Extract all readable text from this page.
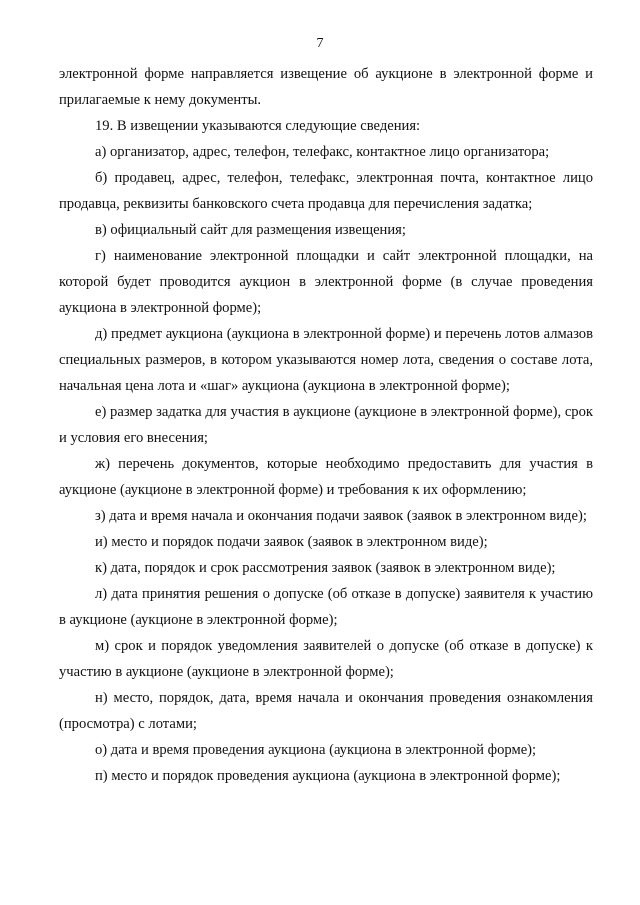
7

электронной форме направляется извещение об аукционе в электронной форме и прилагаемые к нему документы.

19. В извещении указываются следующие сведения:

а) организатор, адрес, телефон, телефакс, контактное лицо организатора;

б) продавец, адрес, телефон, телефакс, электронная почта, контактное лицо продавца, реквизиты банковского счета продавца для перечисления задатка;

в) официальный сайт для размещения извещения;

г) наименование электронной площадки и сайт электронной площадки, на которой будет проводится аукцион в электронной форме (в случае проведения аукциона в электронной форме);

д) предмет аукциона (аукциона в электронной форме) и перечень лотов алмазов специальных размеров, в котором указываются номер лота, сведения о составе лота, начальная цена лота и «шаг» аукциона (аукциона в электронной форме);

е) размер задатка для участия в аукционе (аукционе в электронной форме), срок и условия его внесения;

ж) перечень документов, которые необходимо предоставить для участия в аукционе (аукционе в электронной форме) и требования к их оформлению;

з) дата и время начала и окончания подачи заявок (заявок в электронном виде);

и) место и порядок подачи заявок (заявок в электронном виде);

к) дата, порядок и срок рассмотрения заявок (заявок в электронном виде);

л) дата принятия решения о допуске (об отказе в допуске) заявителя к участию в аукционе (аукционе в электронной форме);

м) срок и порядок уведомления заявителей о допуске (об отказе в допуске) к участию в аукционе (аукционе в электронной форме);

н) место, порядок, дата, время начала и окончания проведения ознакомления (просмотра) с лотами;

о) дата и время проведения аукциона (аукциона в электронной форме);

п) место и порядок проведения аукциона (аукциона в электронной форме);
